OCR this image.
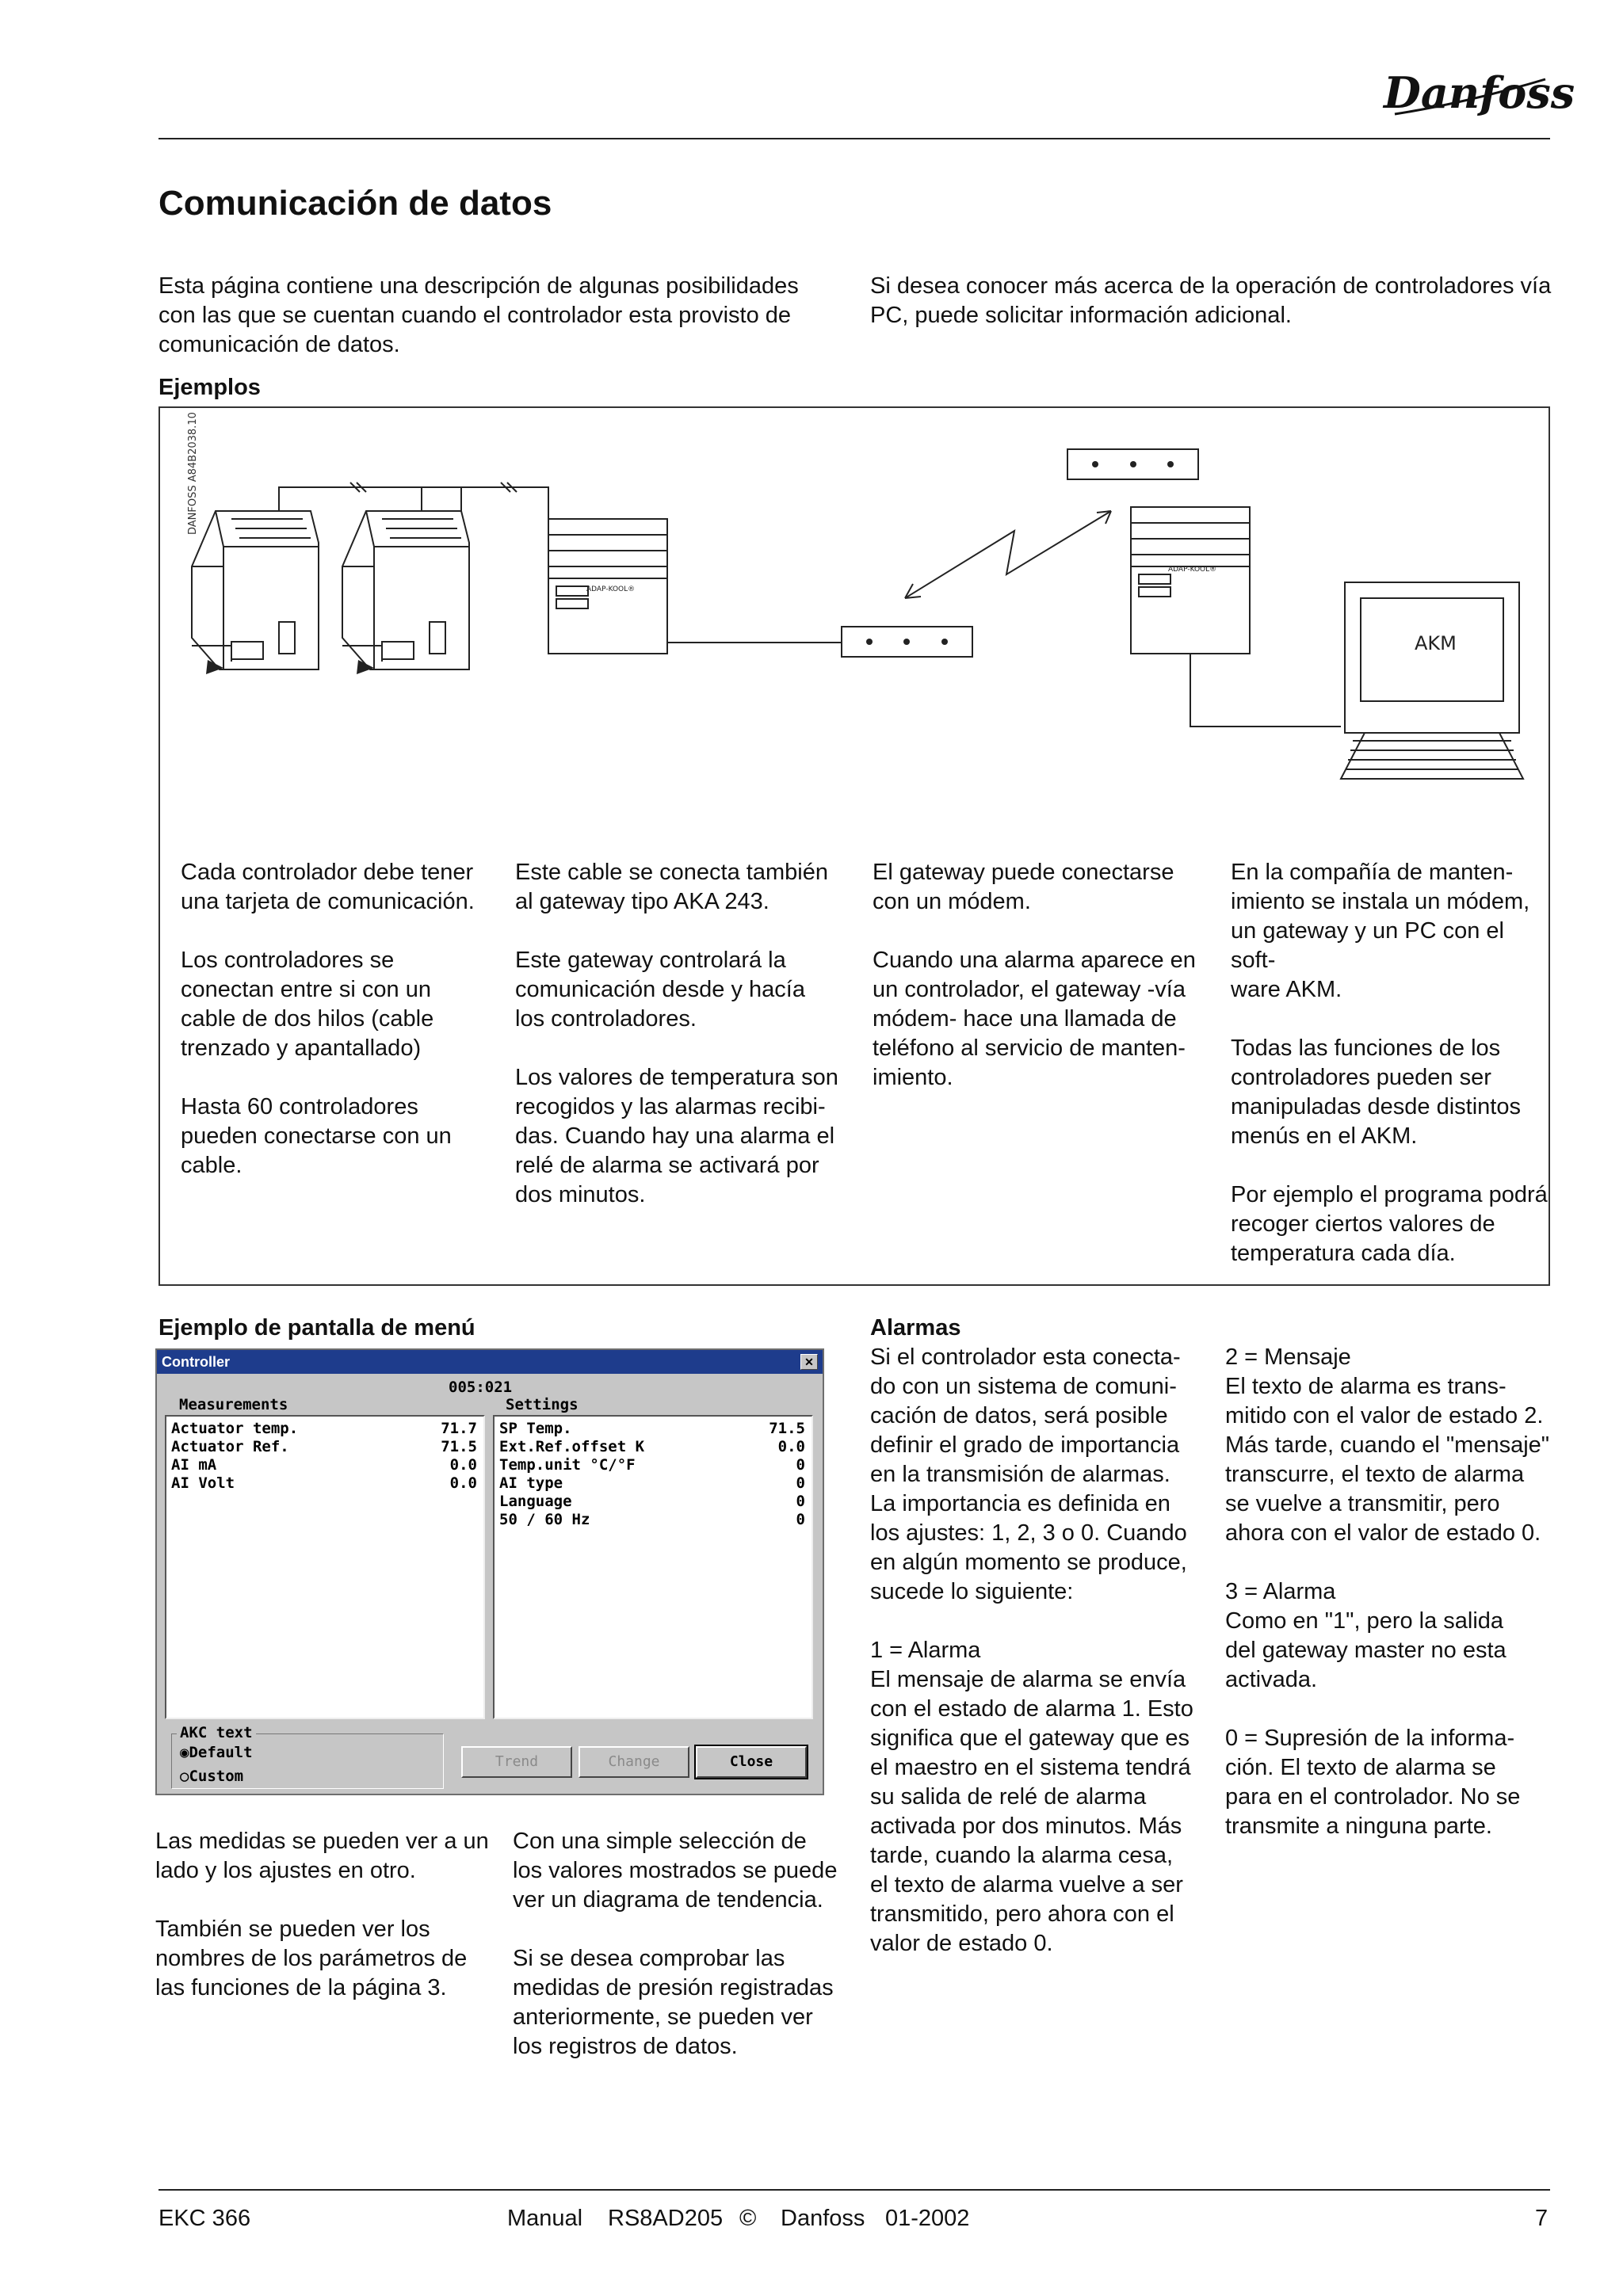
Danfoss
Comunicación de datos
Esta página contiene una descripción de algunas posibilidades
con las que se cuentan cuando el controlador esta provisto de
comunicación de datos.
Si desea conocer más acerca de la operación de controladores vía
PC, puede solicitar información adicional.
Ejemplos
ADAP-KOOL®
ADAP-KOOL®
AKM
DANFOSS A84B2038.10
Cada controlador debe tener
una tarjeta de comunicación.

Los controladores se
conectan entre si con un
cable de dos hilos (cable
trenzado y apantallado)

Hasta 60 controladores
pueden conectarse con un
cable.
Este cable se conecta también
al gateway tipo AKA 243.

Este gateway controlará la
comunicación desde y hacía
los controladores.

Los valores de temperatura son
recogidos y las alarmas recibi-
das. Cuando hay una alarma el
relé de alarma se activará por
dos minutos.
El gateway puede conectarse
con un módem.

Cuando una alarma aparece en
un controlador, el gateway -vía
módem- hace una llamada de
teléfono al servicio de manten-
imiento.
En la compañía de manten-
imiento se instala un módem,
un gateway y un PC con el soft-
ware AKM.

Todas las funciones de los
controladores pueden ser
manipuladas desde distintos
menús en el AKM.

Por ejemplo el programa podrá
recoger ciertos valores de
temperatura cada día.
Ejemplo de pantalla de menú
Controller	✕
005:021
Measurements	Settings
Actuator temp.	71.7
Actuator Ref.	71.5
AI mA	0.0
AI Volt	0.0
SP Temp.	71.5
Ext.Ref.offset K	0.0
Temp.unit °C/°F	0
AI type	0
Language	0
50 / 60 Hz	0
AKC text
◉Default
○Custom
Trend	Change	Close
Las medidas se pueden ver a un
lado y los ajustes en otro.

También se pueden ver los
nombres de los parámetros de
las funciones de la página 3.
Con una simple selección de
los valores mostrados se puede
ver un diagrama de tendencia.

Si se desea comprobar las
medidas de presión registradas
anteriormente, se pueden ver
los registros de datos.
Alarmas
Si el controlador esta conecta-
do con un sistema de comuni-
cación de datos, será posible
definir el grado de importancia
en la transmisión de alarmas.
La importancia es definida en
los ajustes: 1, 2, 3 o 0. Cuando
en algún momento se produce,
sucede lo siguiente:

1 = Alarma
El mensaje de alarma se envía
con el estado de alarma 1. Esto
significa que el gateway que es
el maestro en el sistema tendrá
su salida de relé de alarma
activada por dos minutos. Más
tarde, cuando la alarma cesa,
el texto de alarma vuelve a ser
transmitido, pero ahora con el
valor de estado 0.
2 = Mensaje
El texto de alarma es trans-
mitido con el valor de estado 2.
Más tarde, cuando el "mensaje"
transcurre, el texto de alarma
se vuelve a transmitir, pero
ahora con el valor de estado 0.

3 = Alarma
Como en "1", pero la salida
del gateway master no esta
activada.

0 = Supresión de la informa-
ción. El texto de alarma se
para en el controlador. No se
transmite a ninguna parte.
EKC 366	Manual RS8AD205 © Danfoss 01-2002	7
